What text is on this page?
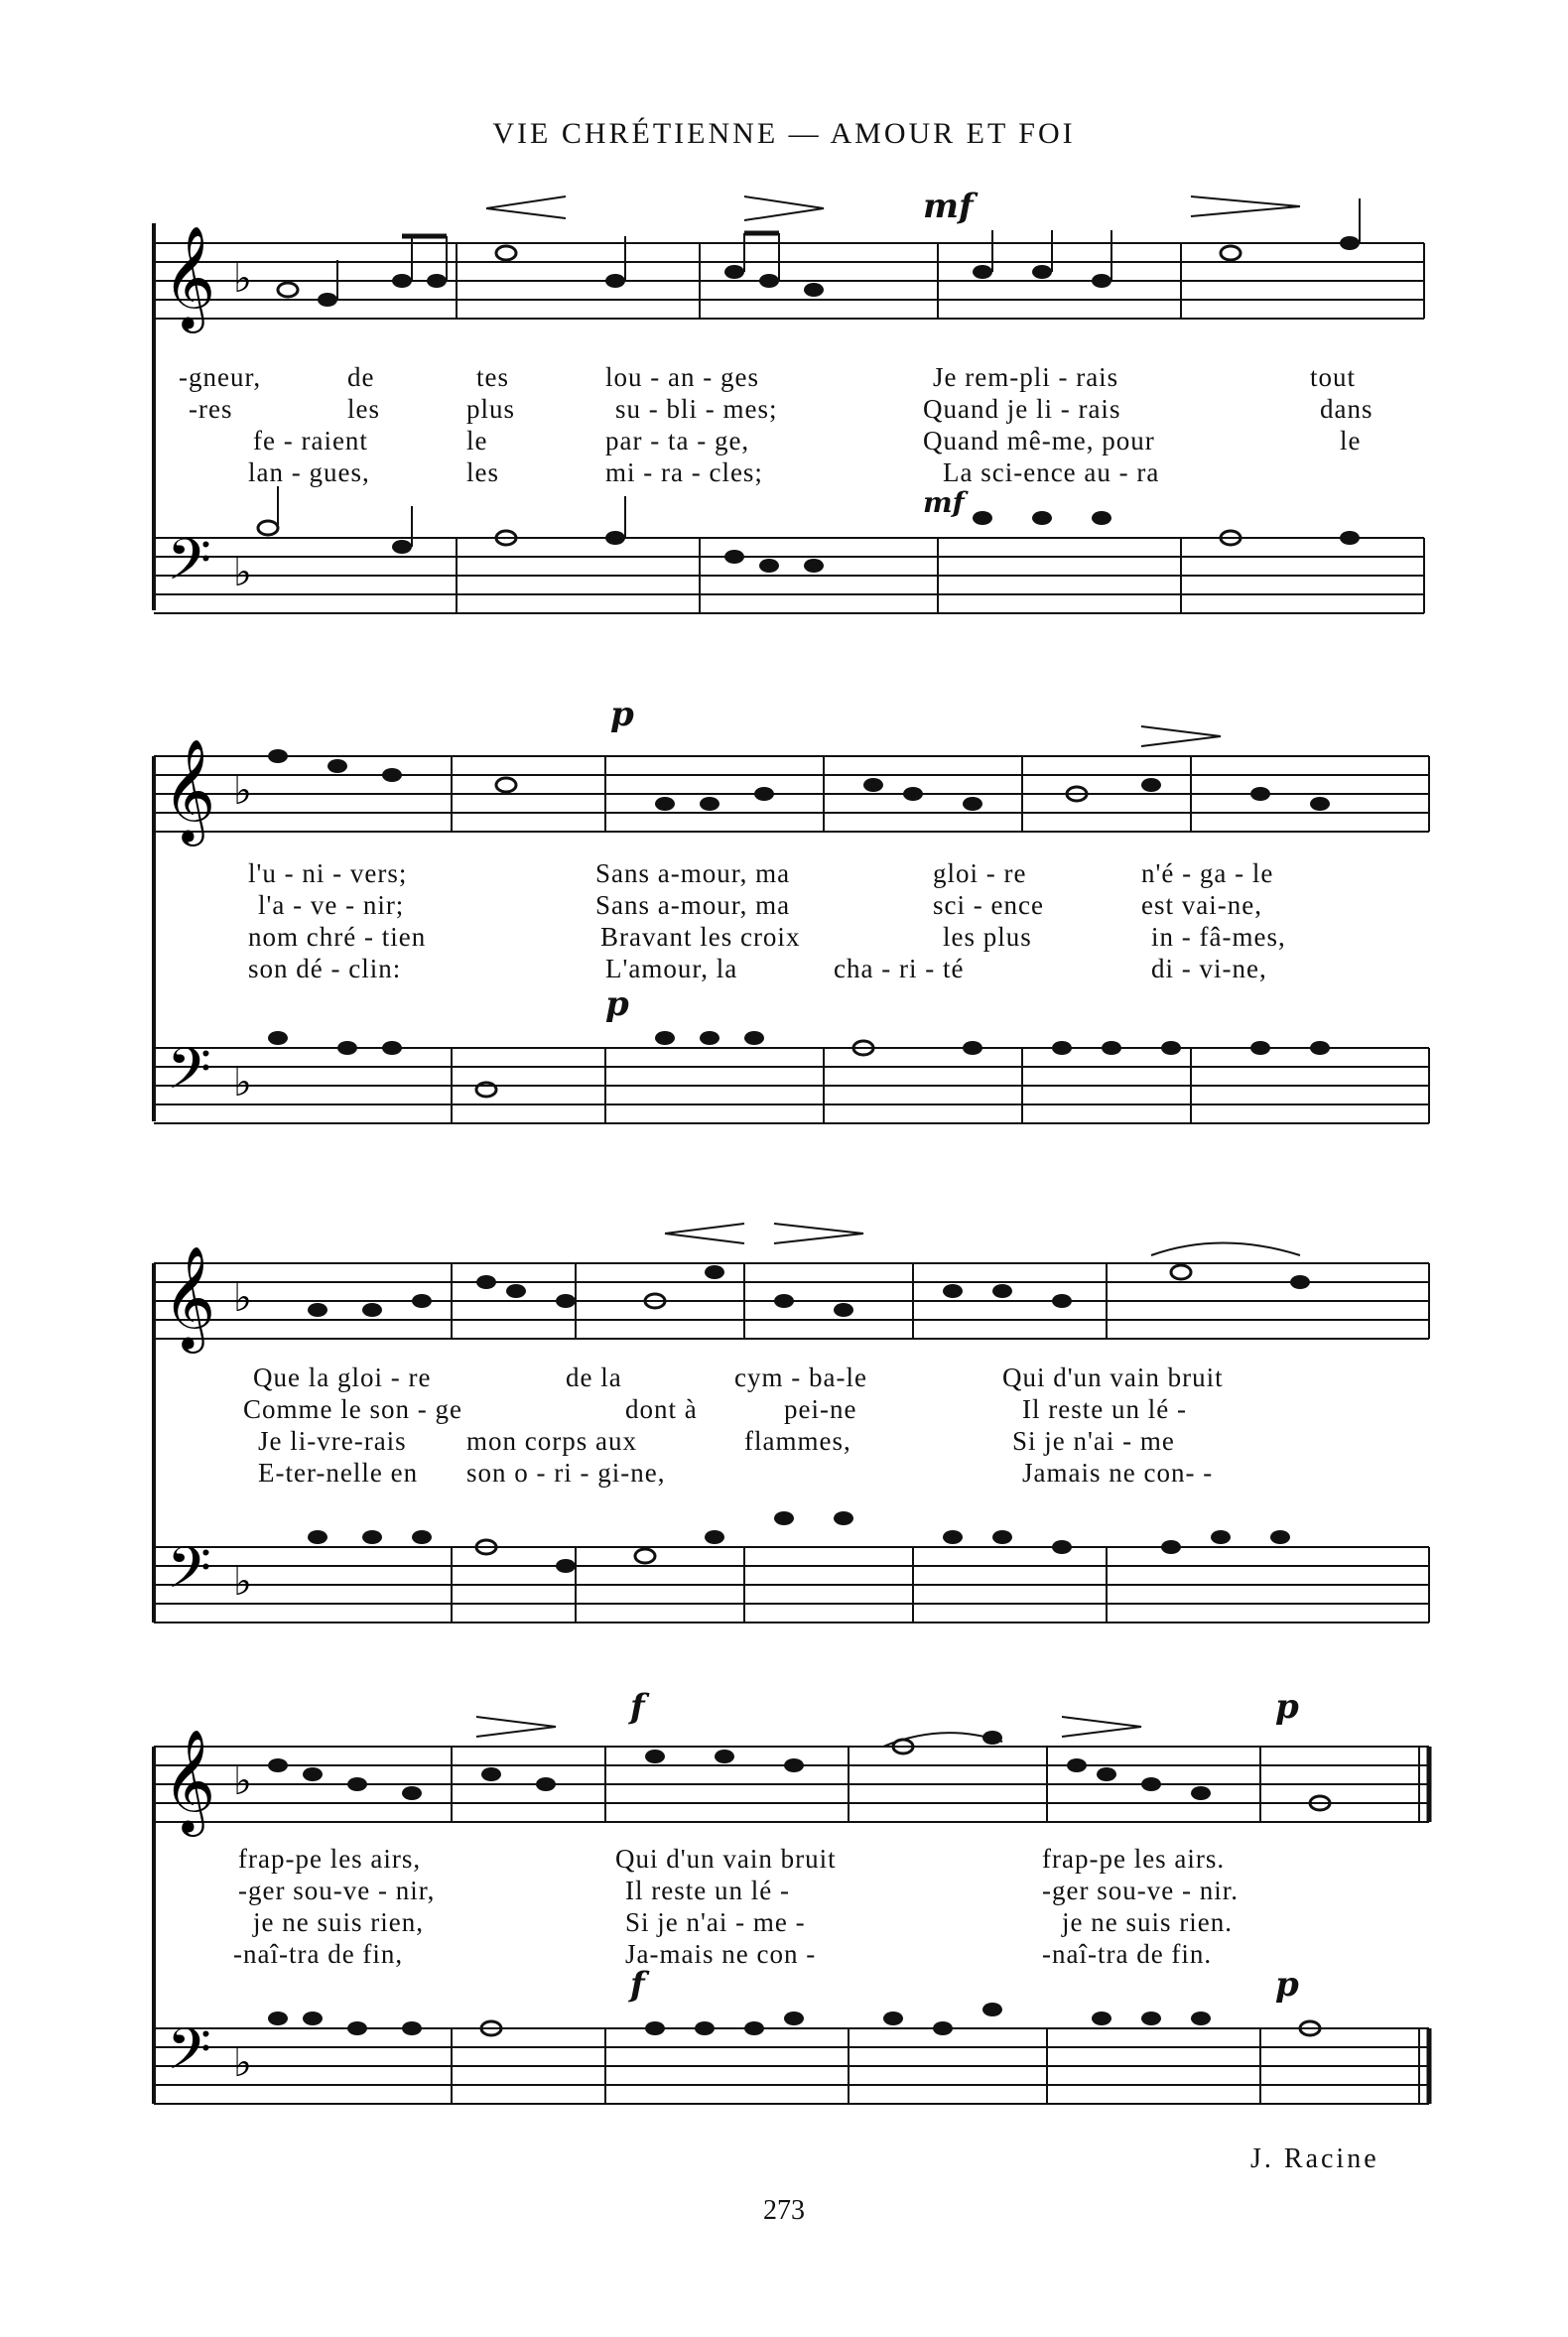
VIE CHRÉTIENNE — AMOUR ET FOI
𝄞
𝄢
♭
♭
mf
mf
-gneur,	de	tes	lou - an - ges	Je rem-pli - rais	tout
-res	les	plus	su - bli - mes;	Quand je li - rais	dans
fe - raient	le	par - ta - ge,	Quand mê-me, pour	le
lan - gues,	les	mi - ra - cles;	La sci-ence au - ra
𝄞
𝄢
♭
♭
p
p
l'u - ni - vers;	Sans a-mour, ma	gloi - re	n'é - ga - le
l'a - ve - nir;	Sans a-mour, ma	sci - ence	est vai-ne,
nom chré - tien	Bravant les croix	les plus	in - fâ-mes,
son dé - clin:	L'amour, la	cha - ri - té	di - vi-ne,
𝄞
𝄢
♭
♭
Que la gloi - re	de la	cym - ba-le	Qui d'un vain bruit
Comme le son - ge	dont à	pei-ne	Il reste un lé -
Je li-vre-rais mon corps aux	flammes,	Si je n'ai - me
E-ter-nelle en son o - ri - gi-ne,	Jamais ne con- -
𝄞
𝄢
♭
♭
f	p
f	p
frap-pe les airs,	Qui d'un vain bruit	frap-pe les airs.
-ger sou-ve - nir,	Il reste un lé -	-ger sou-ve - nir.
je ne suis rien,	Si je n'ai - me -	je ne suis rien.
-naî-tra de fin,	Ja-mais ne con -	-naî-tra de fin.
J. Racine
273
